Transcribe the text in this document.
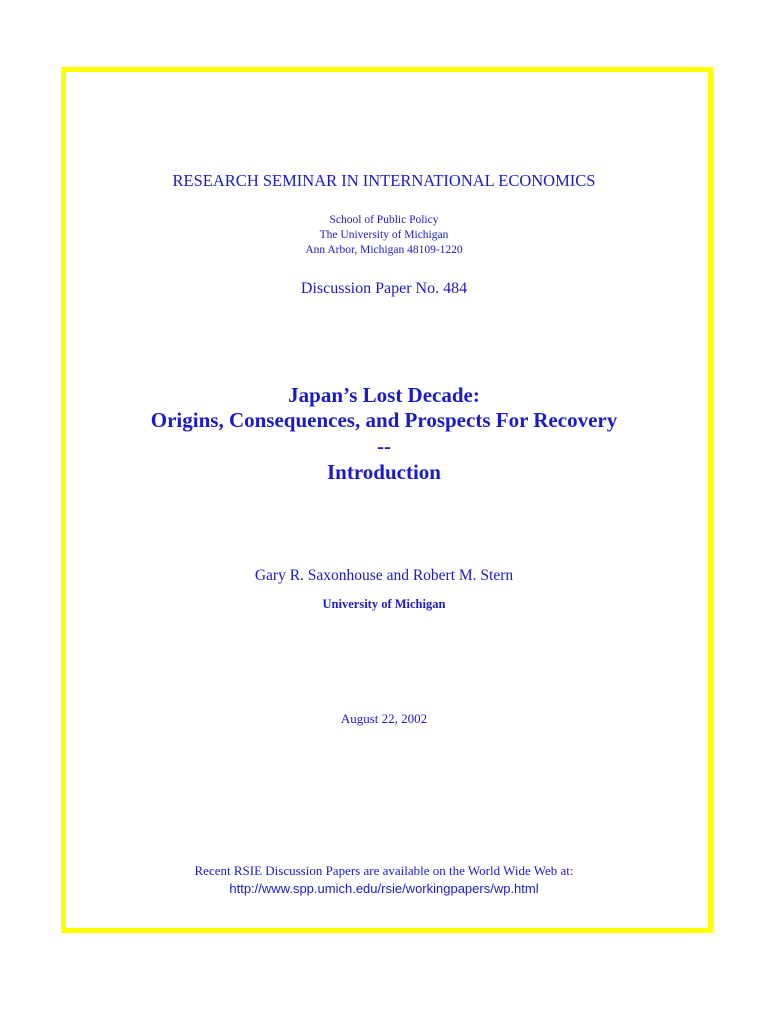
RESEARCH SEMINAR IN INTERNATIONAL ECONOMICS
School of Public Policy
The University of Michigan
Ann Arbor, Michigan 48109-1220
Discussion Paper No. 484
Japan’s Lost Decade:
Origins, Consequences, and Prospects For Recovery
--
Introduction
Gary R. Saxonhouse and Robert M. Stern
University of Michigan
August 22, 2002
Recent RSIE Discussion Papers are available on the World Wide Web at:
http://www.spp.umich.edu/rsie/workingpapers/wp.html
